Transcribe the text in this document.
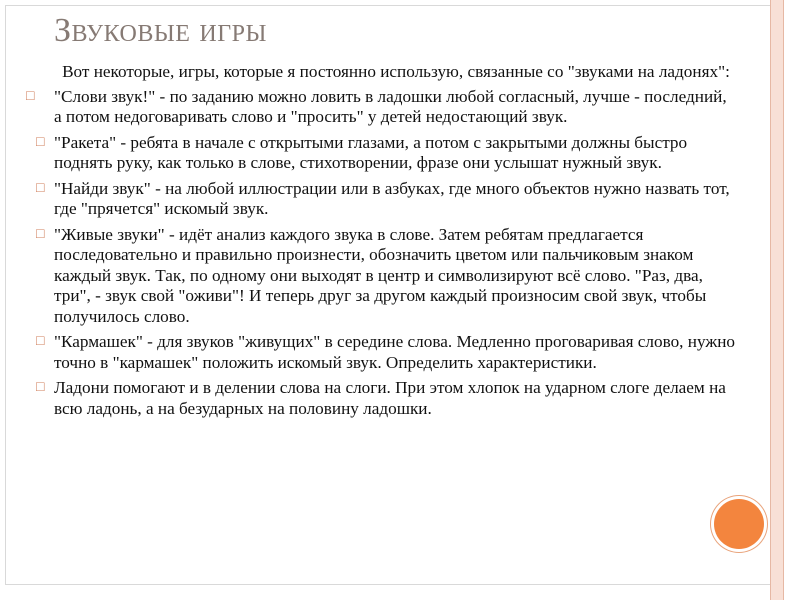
Звуковые игры
Вот некоторые, игры, которые я постоянно использую, связанные со "звуками на ладонях":
□ "Слови звук!" - по заданию можно ловить в ладошки любой согласный, лучше - последний, а потом недоговаривать слово и "просить" у детей недостающий звук.
□ "Ракета" - ребята в начале с открытыми глазами, а потом с закрытыми должны быстро поднять руку, как только в слове, стихотворении, фразе они услышат нужный звук.
□ "Найди звук" - на любой иллюстрации или в азбуках, где много объектов нужно назвать тот, где "прячется" искомый звук.
□ "Живые звуки" - идёт анализ каждого звука в слове. Затем ребятам предлагается последовательно и правильно произнести, обозначить цветом или пальчиковым знаком каждый звук. Так, по одному они выходят в центр и символизируют всё слово. "Раз, два, три", - звук свой "оживи"! И теперь друг за другом каждый произносим свой звук, чтобы получилось слово.
□ "Кармашек" - для звуков "живущих" в середине слова. Медленно проговаривая слово, нужно точно в "кармашек" положить искомый звук. Определить характеристики.
□ Ладони помогают и в делении слова на слоги. При этом хлопок на ударном слоге делаем на всю ладонь, а на безударных на половину ладошки.
